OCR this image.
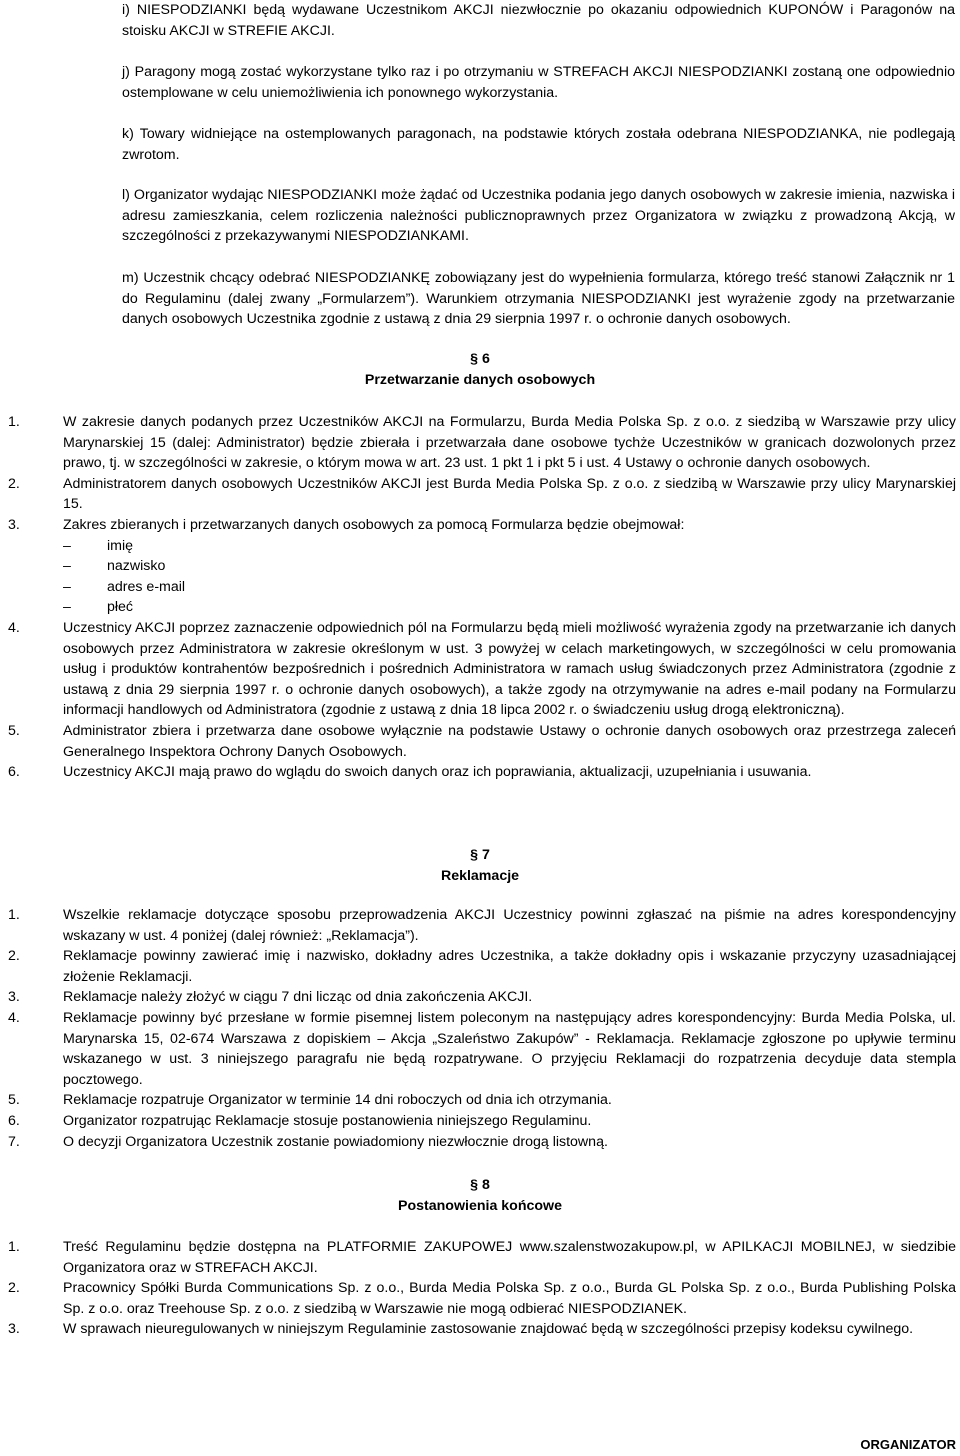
i) NIESPODZIANKI będą wydawane Uczestnikom AKCJI niezwłocznie po okazaniu odpowiednich KUPONÓW i Paragonów na stoisku AKCJI w STREFIE AKCJI.

j) Paragony mogą zostać wykorzystane tylko raz i po otrzymaniu w STREFACH AKCJI NIESPODZIANKI zostaną one odpowiednio ostemplowane w celu uniemożliwienia ich ponownego wykorzystania.

k) Towary widniejące na ostemplowanych paragonach, na podstawie których została odebrana NIESPODZIANKA, nie podlegają zwrotom.

l) Organizator wydając NIESPODZIANKI może żądać od Uczestnika podania jego danych osobowych w zakresie imienia, nazwiska i adresu zamieszkania, celem rozliczenia należności publicznoprawnych przez Organizatora w związku z prowadzoną Akcją, w szczególności z przekazywanymi NIESPODZIANKAMI.

m) Uczestnik chcący odebrać NIESPODZIANKĘ zobowiązany jest do wypełnienia formularza, którego treść stanowi Załącznik nr 1 do Regulaminu (dalej zwany „Formularzem”). Warunkiem otrzymania NIESPODZIANKI jest wyrażenie zgody na przetwarzanie danych osobowych Uczestnika zgodnie z ustawą z dnia 29 sierpnia 1997 r. o ochronie danych osobowych.

§ 6
Przetwarzanie danych osobowych
1.	W zakresie danych podanych przez Uczestników AKCJI na Formularzu, Burda Media Polska Sp. z o.o. z siedzibą w Warszawie przy ulicy Marynarskiej 15 (dalej: Administrator) będzie zbierała i przetwarzała dane osobowe tychże Uczestników w granicach dozwolonych przez prawo, tj. w szczególności w zakresie, o którym mowa w art. 23 ust. 1 pkt 1 i pkt 5 i ust. 4 Ustawy o ochronie danych osobowych.
2.	Administratorem danych osobowych Uczestników AKCJI jest Burda Media Polska Sp. z o.o. z siedzibą w Warszawie przy ulicy Marynarskiej 15.
3.	Zakres zbieranych i przetwarzanych danych osobowych za pomocą Formularza będzie obejmował:
– imię
– nazwisko
– adres e-mail
– płeć
4.	Uczestnicy AKCJI poprzez zaznaczenie odpowiednich pól na Formularzu będą mieli możliwość wyrażenia zgody na przetwarzanie ich danych osobowych przez Administratora w zakresie określonym w ust. 3 powyżej w celach marketingowych, w szczególności w celu promowania usług i produktów kontrahentów bezpośrednich i pośrednich Administratora w ramach usług świadczonych przez Administratora (zgodnie z ustawą z dnia 29 sierpnia 1997 r. o ochronie danych osobowych), a także zgody na otrzymywanie na adres e-mail podany na Formularzu informacji handlowych od Administratora (zgodnie z ustawą z dnia 18 lipca 2002 r. o świadczeniu usług drogą elektroniczną).
5.	Administrator zbiera i przetwarza dane osobowe wyłącznie na podstawie Ustawy o ochronie danych osobowych oraz przestrzega zaleceń Generalnego Inspektora Ochrony Danych Osobowych.
6.	Uczestnicy AKCJI mają prawo do wglądu do swoich danych oraz ich poprawiania, aktualizacji, uzupełniania i usuwania.
§ 7
Reklamacje
1.	Wszelkie reklamacje dotyczące sposobu przeprowadzenia AKCJI Uczestnicy powinni zgłaszać na piśmie na adres korespondencyjny wskazany w ust. 4 poniżej (dalej również: „Reklamacja”).
2.	Reklamacje powinny zawierać imię i nazwisko, dokładny adres Uczestnika, a także dokładny opis i wskazanie przyczyny uzasadniającej złożenie Reklamacji.
3.	Reklamacje należy złożyć w ciągu 7 dni licząc od dnia zakończenia AKCJI.
4.	Reklamacje powinny być przesłane w formie pisemnej listem poleconym na następujący adres korespondencyjny: Burda Media Polska, ul. Marynarska 15, 02-674 Warszawa z dopiskiem – Akcja „Szaleństwo Zakupów” - Reklamacja. Reklamacje zgłoszone po upływie terminu wskazanego w ust. 3 niniejszego paragrafu nie będą rozpatrywane. O przyjęciu Reklamacji do rozpatrzenia decyduje data stempla pocztowego.
5.	Reklamacje rozpatruje Organizator w terminie 14 dni roboczych od dnia ich otrzymania.
6.	Organizator rozpatrując Reklamacje stosuje postanowienia niniejszego Regulaminu.
7.	O decyzji Organizatora Uczestnik zostanie powiadomiony niezwłocznie drogą listowną.
§ 8
Postanowienia końcowe
1.	Treść Regulaminu będzie dostępna na PLATFORMIE ZAKUPOWEJ www.szalenstwozakupow.pl, w APILKACJI MOBILNEJ, w siedzibie Organizatora oraz w STREFACH AKCJI.
2.	Pracownicy Spółki Burda Communications Sp. z o.o., Burda Media Polska Sp. z o.o., Burda GL Polska Sp. z o.o., Burda Publishing Polska Sp. z o.o. oraz Treehouse Sp. z o.o. z siedzibą w Warszawie nie mogą odbierać NIESPODZIANEK.
3.	W sprawach nieuregulowanych w niniejszym Regulaminie zastosowanie znajdować będą w szczególności przepisy kodeksu cywilnego.
ORGANIZATOR
